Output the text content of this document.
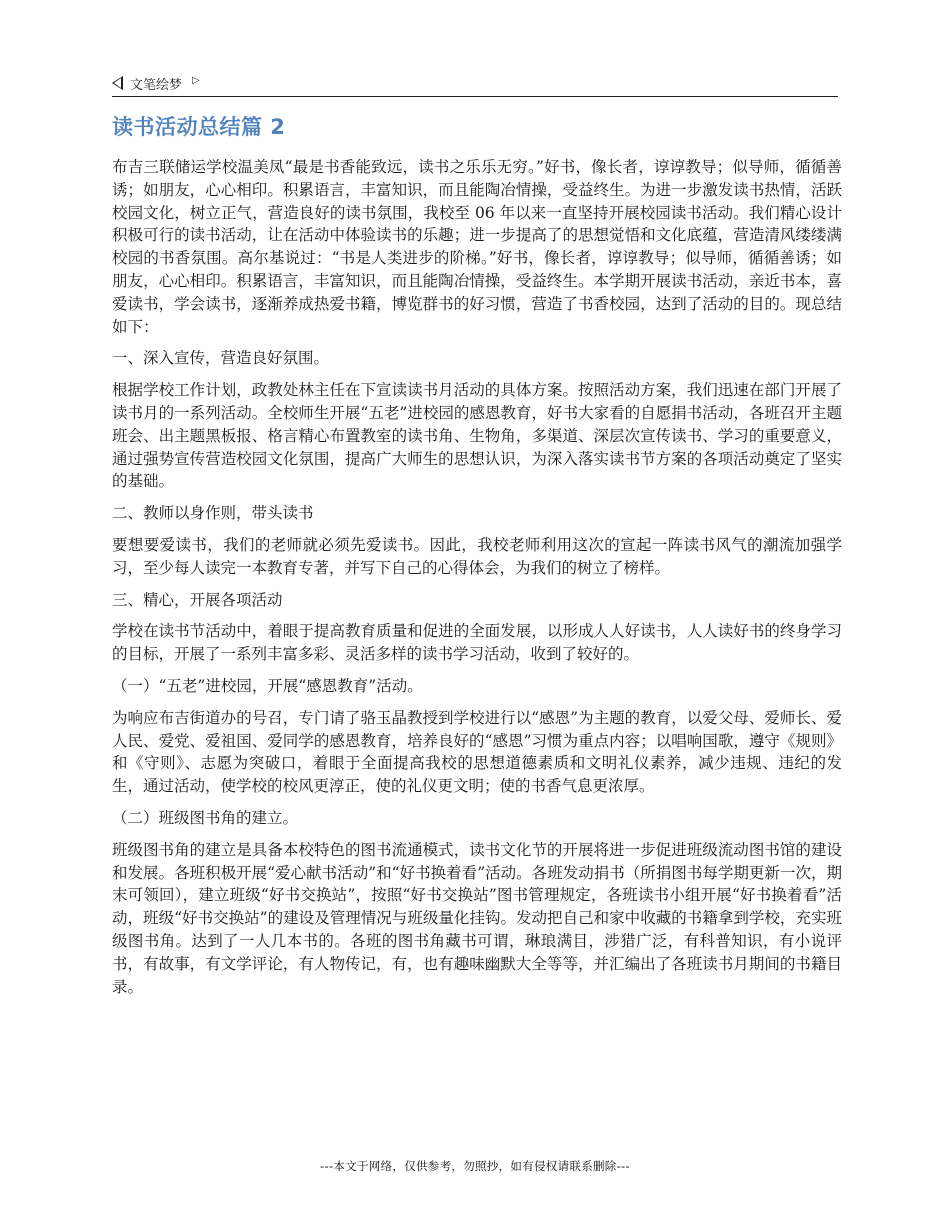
文笔绘梦 ▷
读书活动总结篇 2

布吉三联储运学校温美凤“最是书香能致远，读书之乐乐无穷。”好书，像长者，谆谆教导；似导师，循循善诱；如朋友，心心相印。积累语言，丰富知识，而且能陶冶情操，受益终生。为进一步激发读书热情，活跃校园文化，树立正气，营造良好的读书氛围，我校至 06 年以来一直坚持开展校园读书活动。我们精心设计积极可行的读书活动，让在活动中体验读书的乐趣；进一步提高了的思想觉悟和文化底蕴，营造清风缕缕满校园的书香氛围。高尔基说过：“书是人类进步的阶梯。”好书，像长者，谆谆教导；似导师，循循善诱；如朋友，心心相印。积累语言，丰富知识，而且能陶冶情操，受益终生。本学期开展读书活动，亲近书本，喜爱读书，学会读书，逐渐养成热爱书籍，博览群书的好习惯，营造了书香校园，达到了活动的目的。现总结如下：

一、深入宣传，营造良好氛围。

根据学校工作计划，政教处林主任在下宣读读书月活动的具体方案。按照活动方案，我们迅速在部门开展了读书月的一系列活动。全校师生开展“五老”进校园的感恩教育，好书大家看的自愿捐书活动，各班召开主题班会、出主题黑板报、格言精心布置教室的读书角、生物角，多渠道、深层次宣传读书、学习的重要意义，通过强势宣传营造校园文化氛围，提高广大师生的思想认识，为深入落实读书节方案的各项活动奠定了坚实的基础。

二、教师以身作则，带头读书

要想要爱读书，我们的老师就必须先爱读书。因此，我校老师利用这次的宣起一阵读书风气的潮流加强学习，至少每人读完一本教育专著，并写下自己的心得体会，为我们的树立了榜样。

三、精心，开展各项活动

学校在读书节活动中，着眼于提高教育质量和促进的全面发展，以形成人人好读书，人人读好书的终身学习的目标，开展了一系列丰富多彩、灵活多样的读书学习活动，收到了较好的。

（一）“五老”进校园，开展“感恩教育”活动。

为响应布吉街道办的号召，专门请了骆玉晶教授到学校进行以“感恩”为主题的教育，以爱父母、爱师长、爱人民、爱党、爱祖国、爱同学的感恩教育，培养良好的“感恩”习惯为重点内容；以唱响国歌，遵守《规则》和《守则》、志愿为突破口，着眼于全面提高我校的思想道德素质和文明礼仪素养，减少违规、违纪的发生，通过活动，使学校的校风更淳正，使的礼仪更文明；使的书香气息更浓厚。

（二）班级图书角的建立。

班级图书角的建立是具备本校特色的图书流通模式，读书文化节的开展将进一步促进班级流动图书馆的建设和发展。各班积极开展“爱心献书活动”和“好书换着看”活动。各班发动捐书（所捐图书每学期更新一次，期末可领回），建立班级“好书交换站”，按照“好书交换站”图书管理规定，各班读书小组开展“好书换着看”活动，班级“好书交换站”的建设及管理情况与班级量化挂钩。发动把自己和家中收藏的书籍拿到学校，充实班级图书角。达到了一人几本书的。各班的图书角藏书可谓，琳琅满目，涉猎广泛，有科普知识，有小说评书，有故事，有文学评论，有人物传记，有，也有趣味幽默大全等等，并汇编出了各班读书月期间的书籍目录。

---本文于网络，仅供参考，勿照抄，如有侵权请联系删除---
